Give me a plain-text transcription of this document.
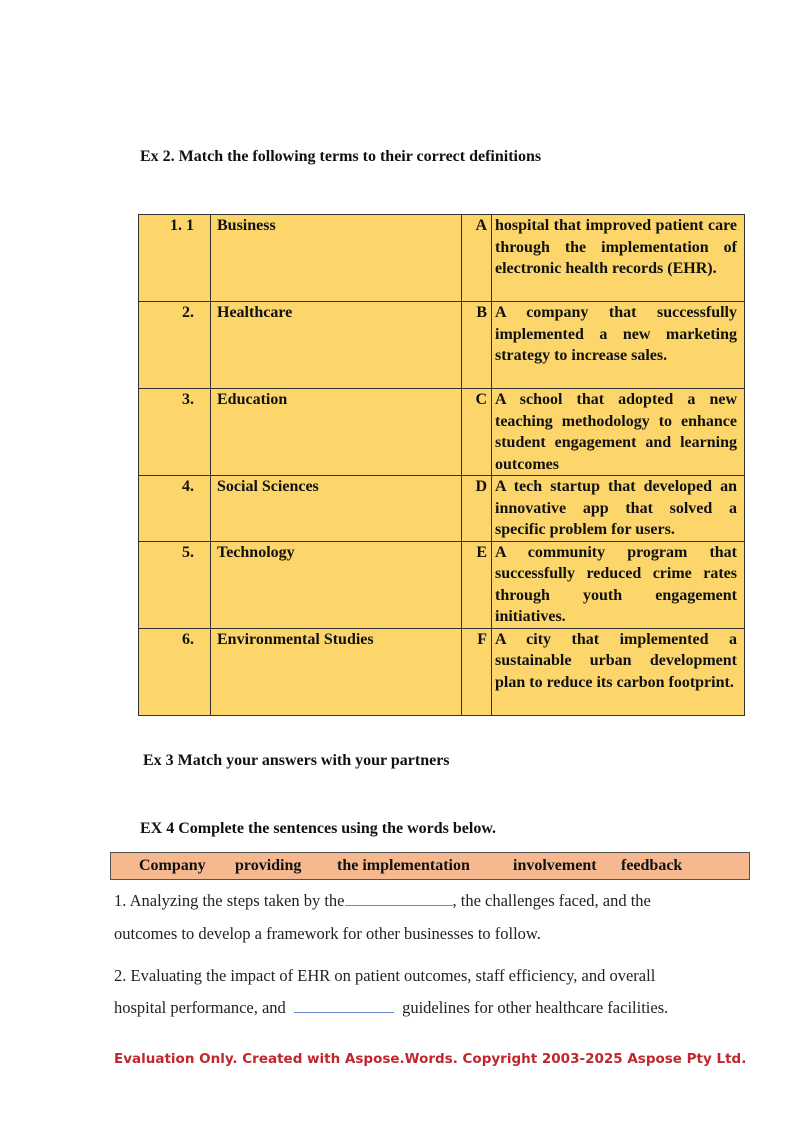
Ex 2. Match the following terms to their correct definitions
1. 1	Business	A	hospital that improved patient care through the implementation of electronic health records (EHR).
2.	Healthcare	B	A company that successfully implemented a new marketing strategy to increase sales.
3.	Education	C	A school that adopted a new teaching methodology to enhance student engagement and learning outcomes
4.	Social Sciences	D	A tech startup that developed an innovative app that solved a specific problem for users.
5.	Technology	E	A community program that successfully reduced crime rates through youth engagement initiatives.
6.	Environmental Studies	F	A city that implemented a sustainable urban development plan to reduce its carbon footprint.
Ex 3 Match your answers with your partners
EX 4 Complete the sentences using the words below.
Company providing the implementation	involvement feedback
1. Analyzing the steps taken by the	, the challenges faced, and the
outcomes to develop a framework for other businesses to follow.
2. Evaluating the impact of EHR on patient outcomes, staff efficiency, and overall
hospital performance, and	guidelines for other healthcare facilities.
Evaluation Only. Created with Aspose.Words. Copyright 2003-2025 Aspose Pty Ltd.
